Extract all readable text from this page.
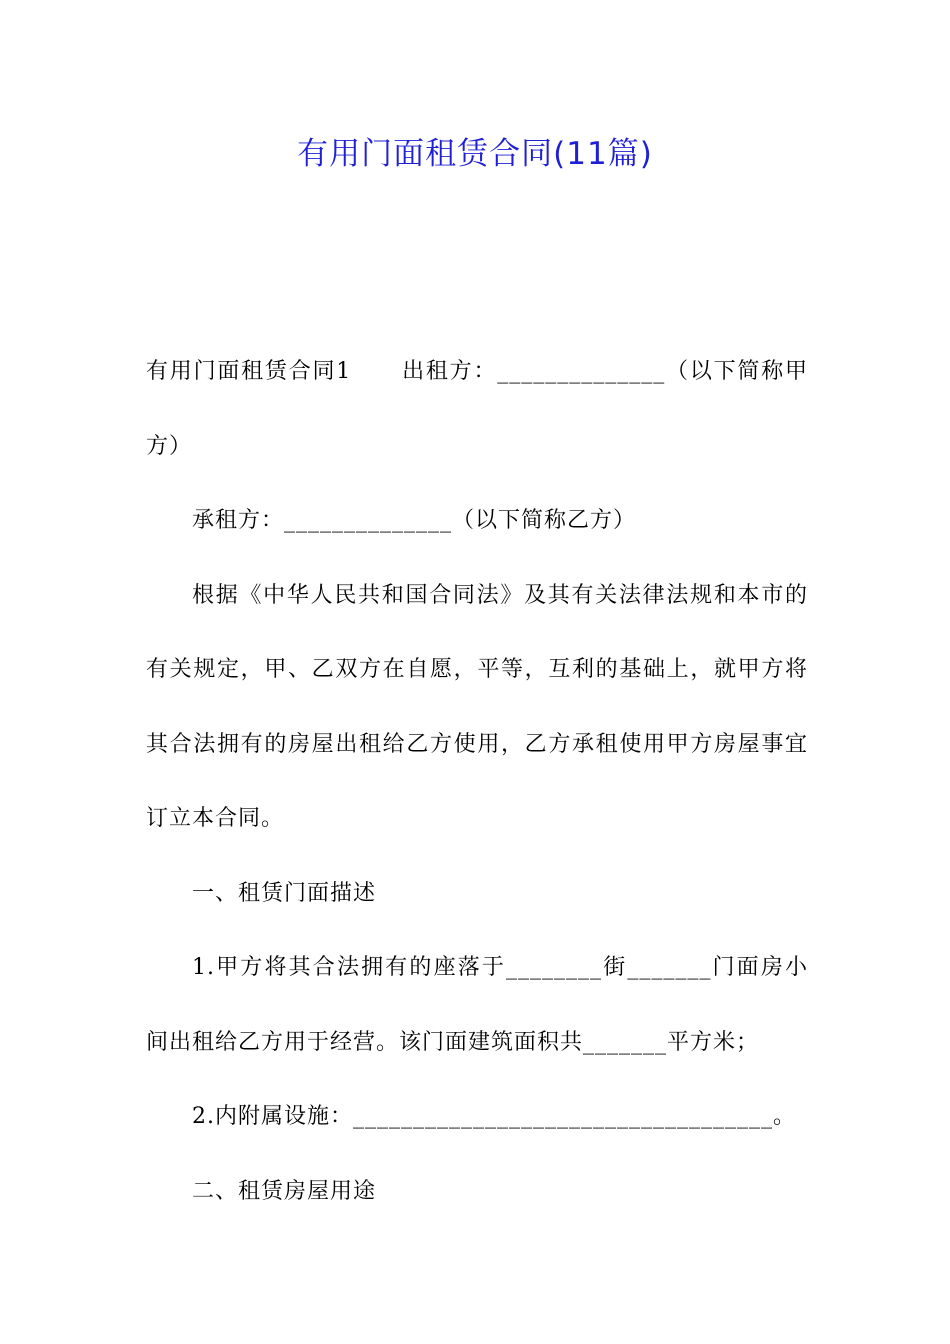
有用门面租赁合同(11篇)

有用门面租赁合同1 出租方：______________（以下简称甲方）

承租方：______________（以下简称乙方）

根据《中华人民共和国合同法》及其有关法律法规和本市的有关规定，甲、乙双方在自愿，平等，互利的基础上，就甲方将其合法拥有的房屋出租给乙方使用，乙方承租使用甲方房屋事宜订立本合同。

一、租赁门面描述

1.甲方将其合法拥有的座落于________街_______门面房小间出租给乙方用于经营。该门面建筑面积共_______平方米；

2.内附属设施：___________________________________。

二、租赁房屋用途
